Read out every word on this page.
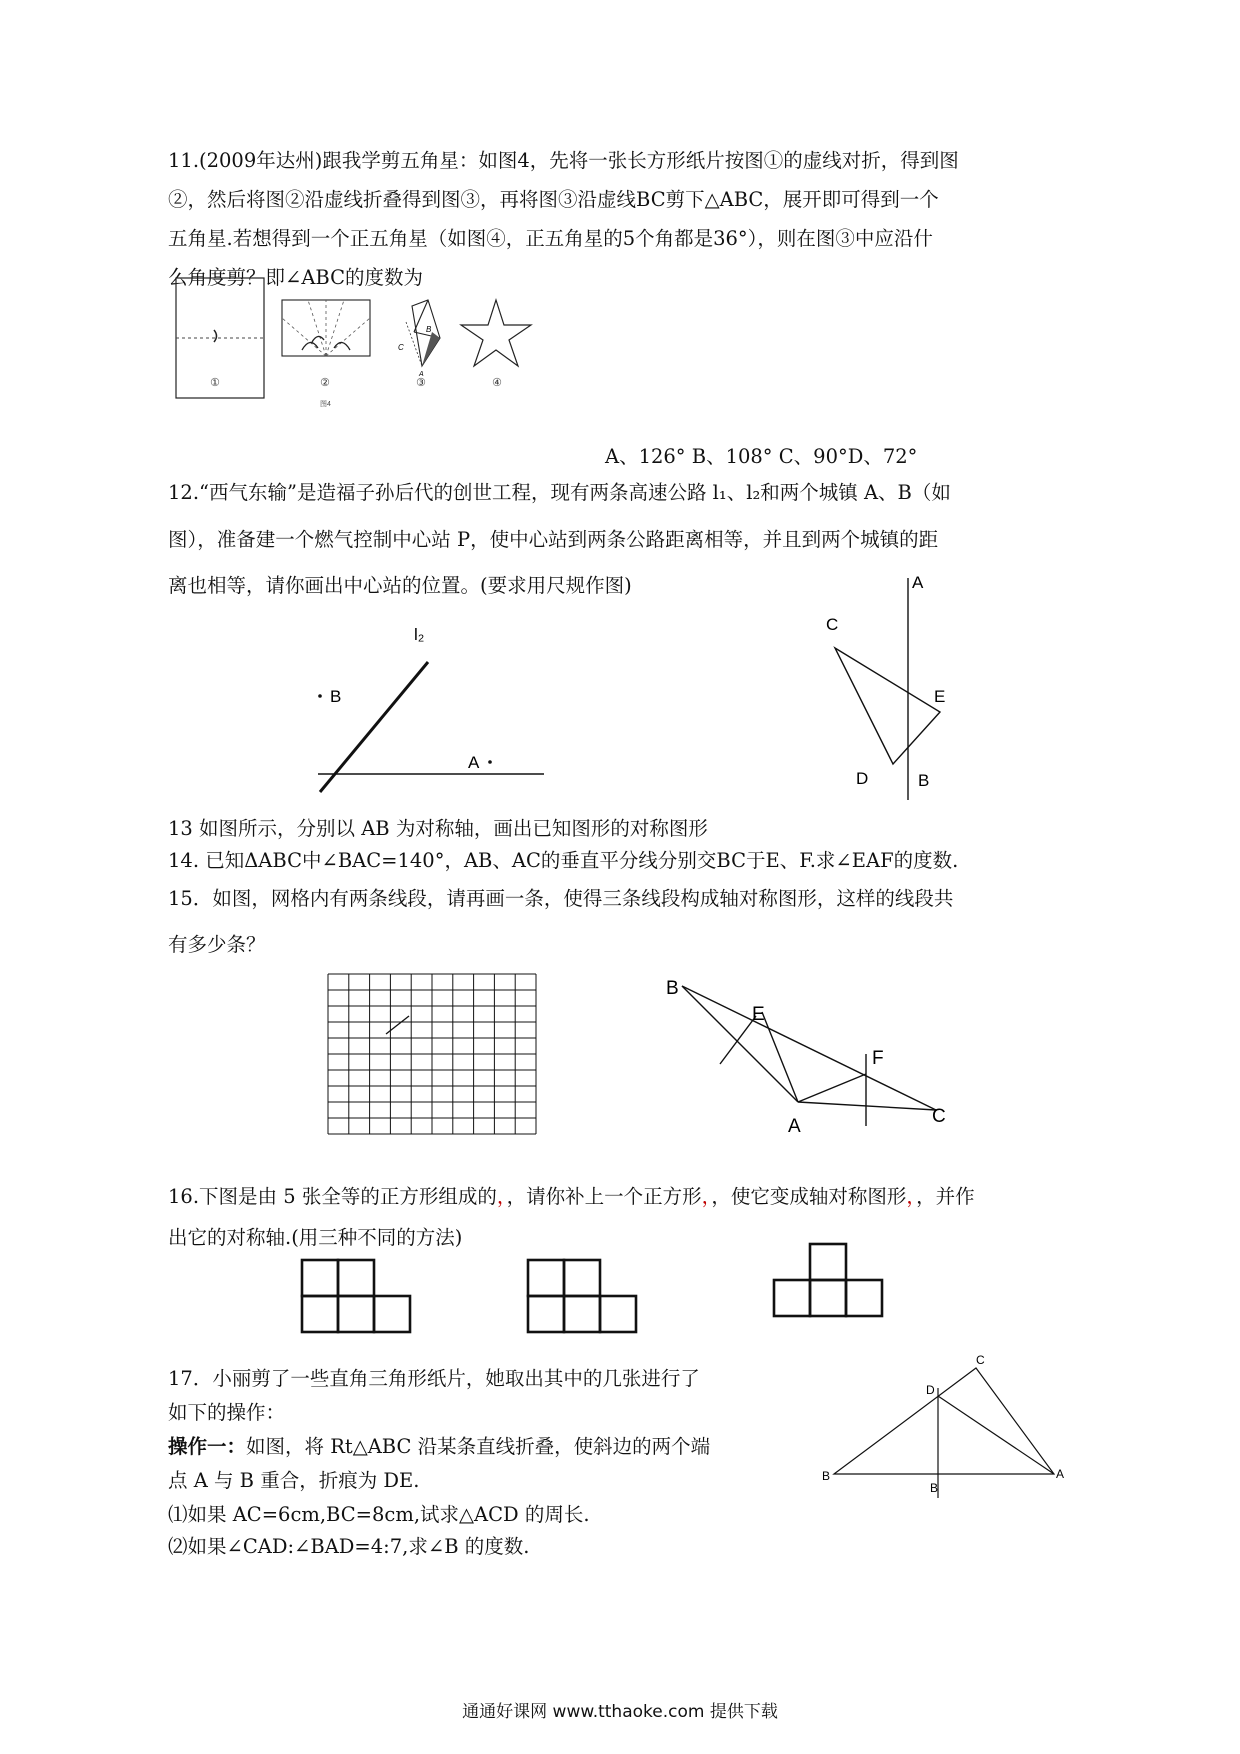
11.(2009年达州)跟我学剪五角星：如图4，先将一张长方形纸片按图①的虚线对折，得到图
②，然后将图②沿虚线折叠得到图③，再将图③沿虚线BC剪下△ABC，展开即可得到一个
五角星.若想得到一个正五角星（如图④，正五角星的5个角都是36°），则在图③中应沿什
么角度剪？即∠ABC的度数为
C
B
A
①	②	③	④
图4
A、126° B、108° C、90°D、72°
12.“西气东输”是造福子孙后代的创世工程，现有两条高速公路 l₁、l₂和两个城镇 A、B（如
图），准备建一个燃气控制中心站 P，使中心站到两条公路距离相等，并且到两个城镇的距
离也相等，请你画出中心站的位置。(要求用尺规作图)
l₂
B
A
A
C
E
D	B
13 如图所示，分别以 AB 为对称轴，画出已知图形的对称图形
14. 已知ΔABC中∠BAC=140°，AB、AC的垂直平分线分别交BC于E、F.求∠EAF的度数.
15．如图，网格内有两条线段，请再画一条，使得三条线段构成轴对称图形，这样的线段共
有多少条？
B
E
F
A	C
16.下图是由 5 张全等的正方形组成的，，请你补上一个正方形，，使它变成轴对称图形，，并作
出它的对称轴.(用三种不同的方法)
17．小丽剪了一些直角三角形纸片，她取出其中的几张进行了
如下的操作：
操作一：如图，将 Rt△ABC 沿某条直线折叠，使斜边的两个端
点 A 与 B 重合，折痕为 DE.
⑴如果 AC=6cm,BC=8cm,试求△ACD 的周长.
⑵如果∠CAD:∠BAD=4:7,求∠B 的度数.
C
D
B
B
A
通通好课网 www.tthaoke.com 提供下载
